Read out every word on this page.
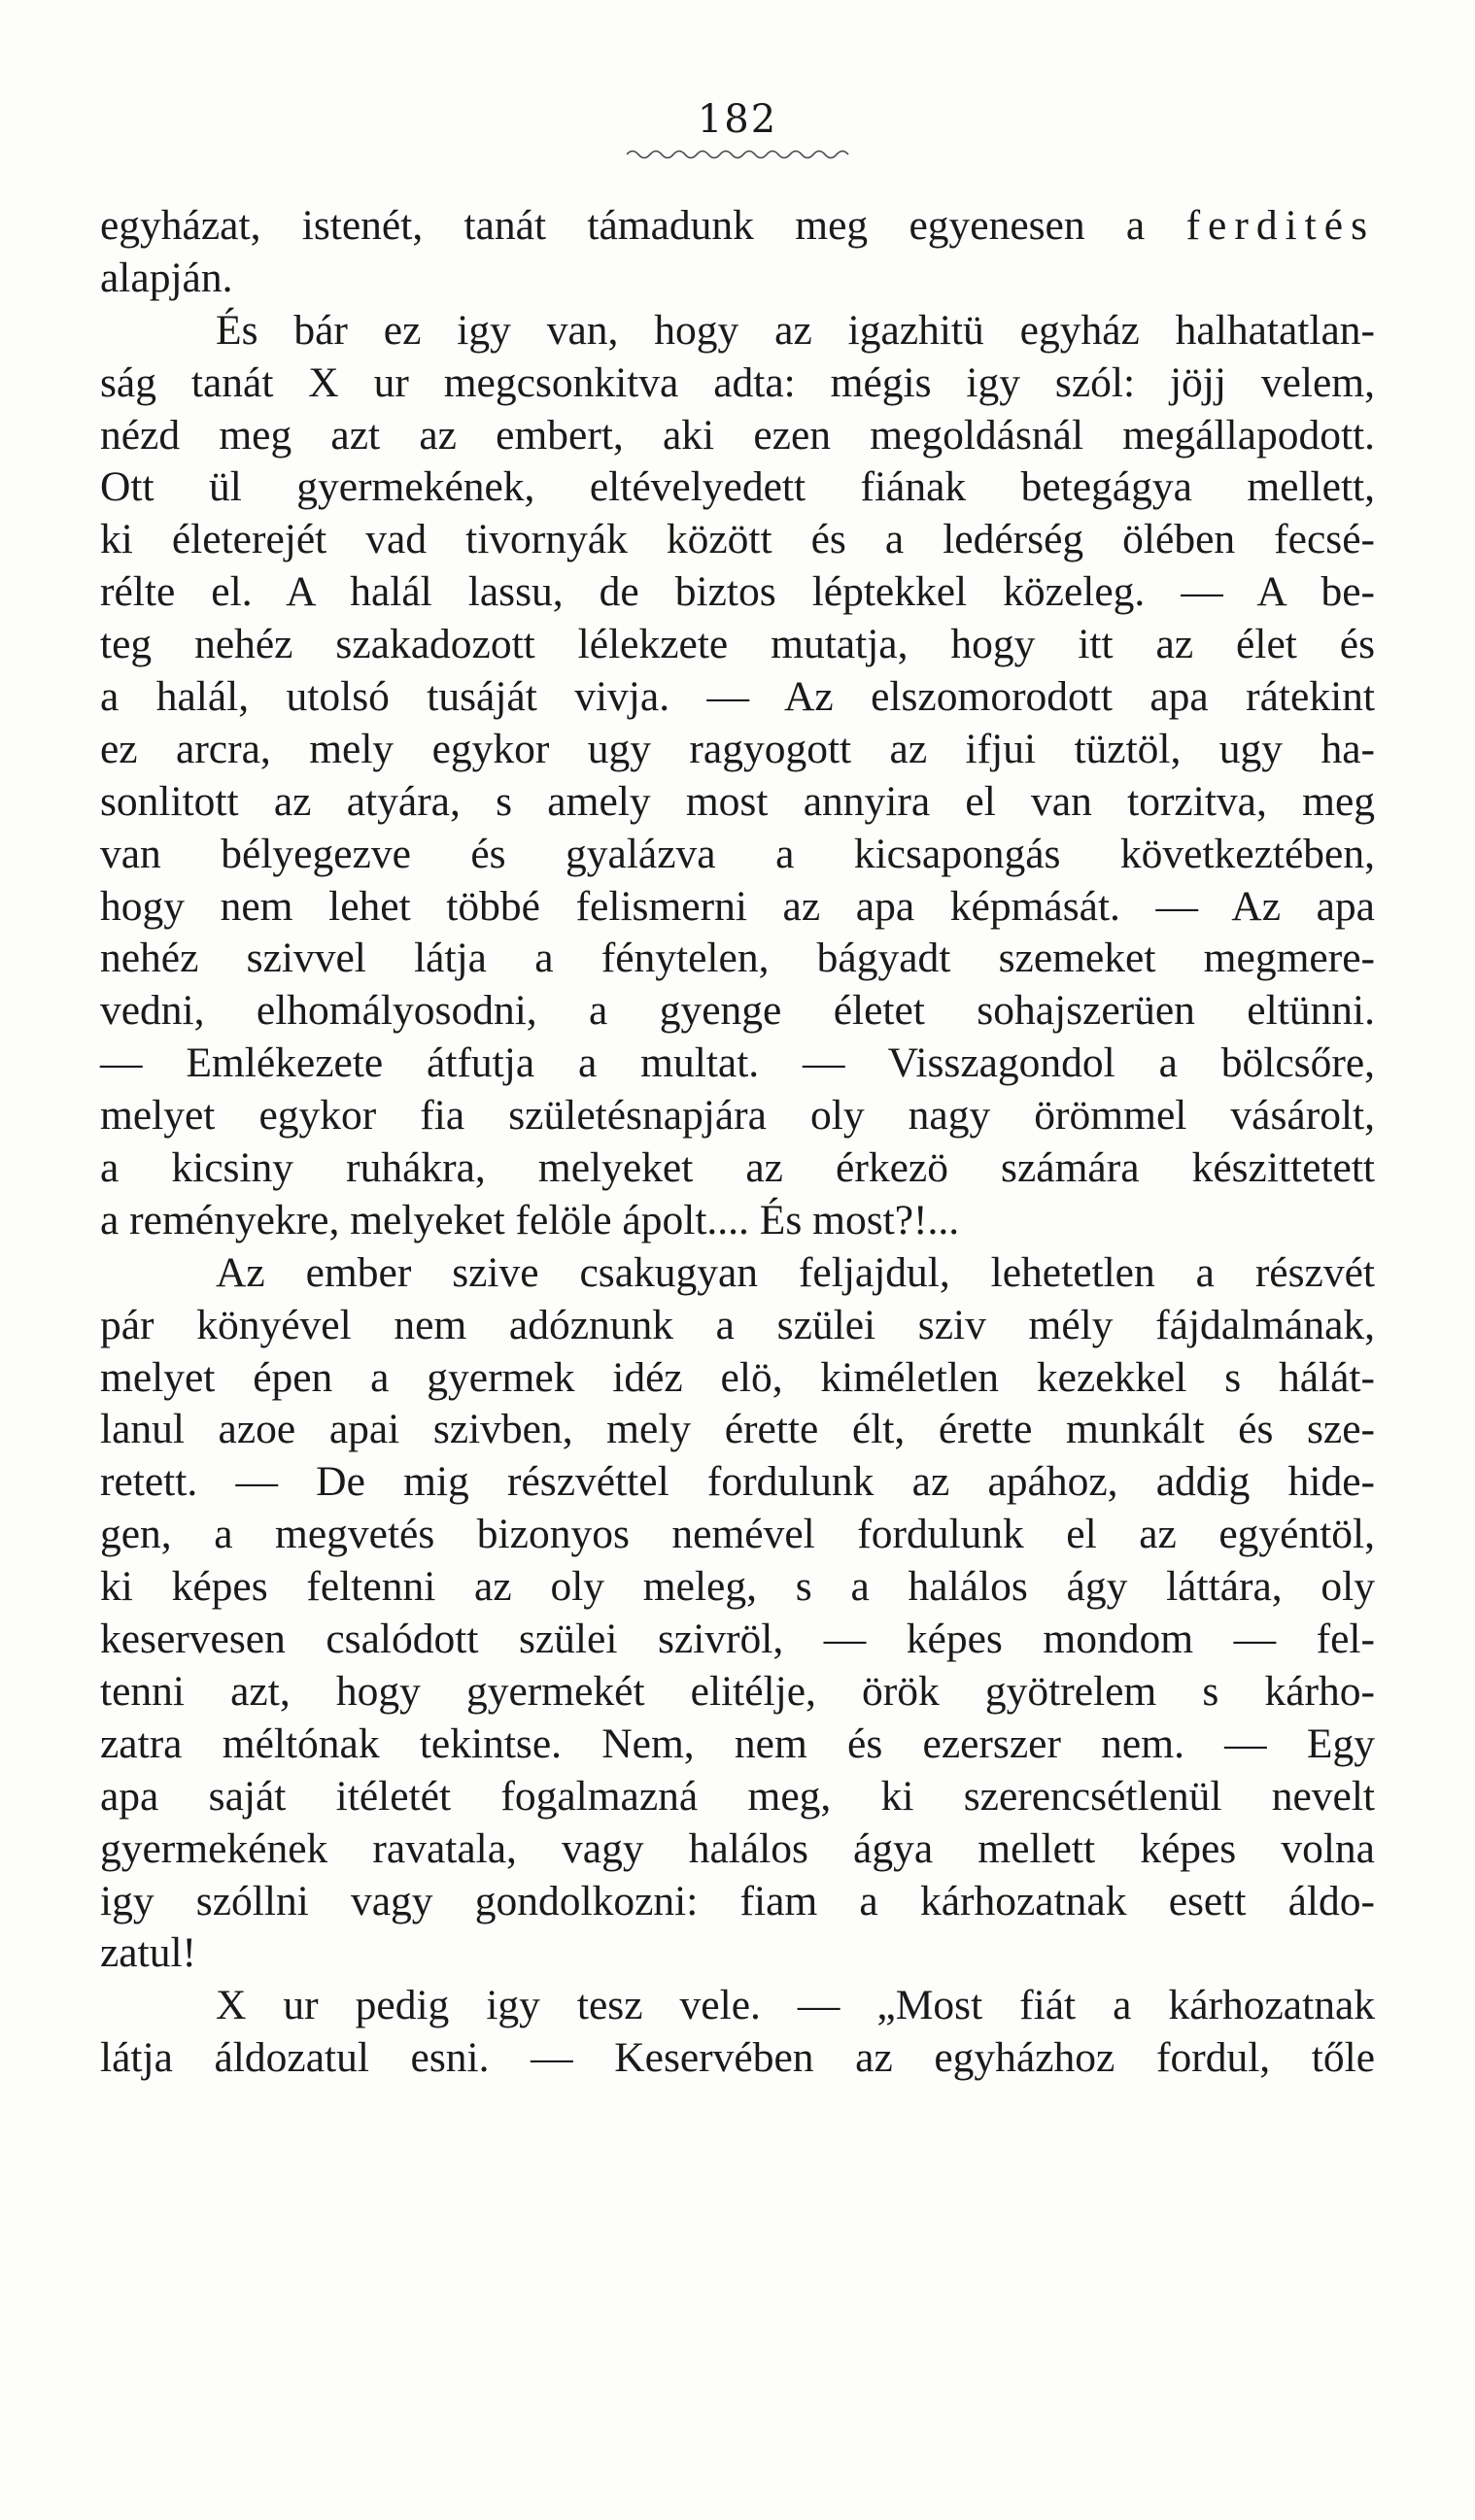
182
egyházat, istenét, tanát támadunk meg egyenesen a ferdités
alapján.
És bár ez igy van, hogy az igazhitü egyház halhatatlan-
ság tanát X ur megcsonkitva adta: mégis igy szól: jöjj velem,
nézd meg azt az embert, aki ezen megoldásnál megállapodott.
Ott ül gyermekének, eltévelyedett fiának betegágya mellett,
ki életerejét vad tivornyák között és a ledérség ölében fecsé-
rélte el. A halál lassu, de biztos léptekkel közeleg. — A be-
teg nehéz szakadozott lélekzete mutatja, hogy itt az élet és
a halál, utolsó tusáját vivja. — Az elszomorodott apa rátekint
ez arcra, mely egykor ugy ragyogott az ifjui tüztöl, ugy ha-
sonlitott az atyára, s amely most annyira el van torzitva, meg
van bélyegezve és gyalázva a kicsapongás következtében,
hogy nem lehet többé felismerni az apa képmását. — Az apa
nehéz szivvel látja a fénytelen, bágyadt szemeket megmere-
vedni, elhomályosodni, a gyenge életet sohajszerüen eltünni.
— Emlékezete átfutja a multat. — Visszagondol a bölcsőre,
melyet egykor fia születésnapjára oly nagy örömmel vásárolt,
a kicsiny ruhákra, melyeket az érkezö számára készittetett
a reményekre, melyeket felöle ápolt.... És most?!...
Az ember szive csakugyan feljajdul, lehetetlen a részvét
pár könyével nem adóznunk a szülei sziv mély fájdalmának,
melyet épen a gyermek idéz elö, kiméletlen kezekkel s hálát-
lanul azoe apai szivben, mely érette élt, érette munkált és sze-
retett. — De mig részvéttel fordulunk az apához, addig hide-
gen, a megvetés bizonyos nemével fordulunk el az egyéntöl,
ki képes feltenni az oly meleg, s a halálos ágy láttára, oly
keservesen csalódott szülei szivröl, — képes mondom — fel-
tenni azt, hogy gyermekét elitélje, örök gyötrelem s kárho-
zatra méltónak tekintse. Nem, nem és ezerszer nem. — Egy
apa saját itéletét fogalmazná meg, ki szerencsétlenül nevelt
gyermekének ravatala, vagy halálos ágya mellett képes volna
igy szóllni vagy gondolkozni: fiam a kárhozatnak esett áldo-
zatul!
X ur pedig igy tesz vele. — „Most fiát a kárhozatnak
látja áldozatul esni. — Keservében az egyházhoz fordul, tőle
